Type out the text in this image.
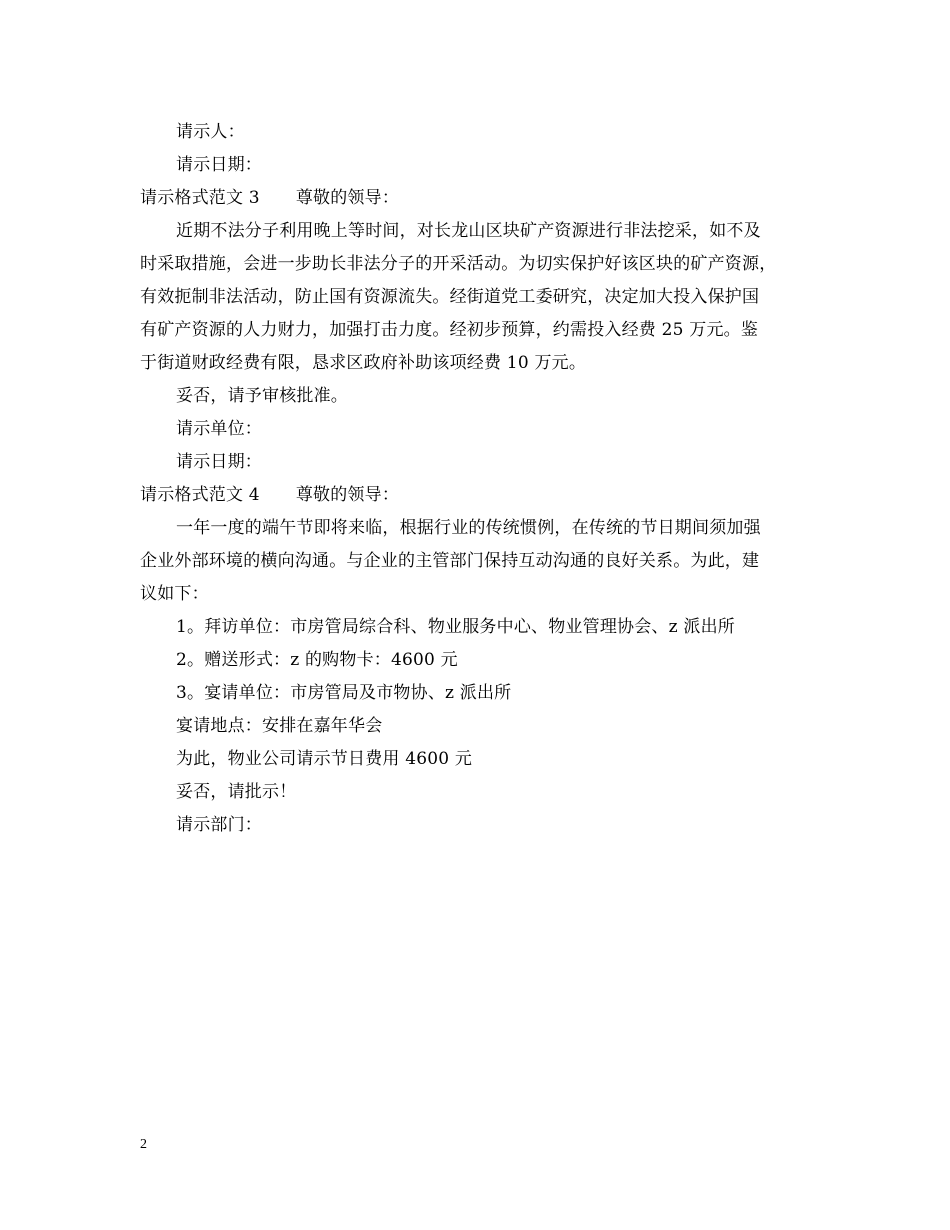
请示人：
请示日期：
请示格式范文 3 尊敬的领导：
近期不法分子利用晚上等时间，对长龙山区块矿产资源进行非法挖采，如不及
时采取措施，会进一步助长非法分子的开采活动。为切实保护好该区块的矿产资源，
有效扼制非法活动，防止国有资源流失。经街道党工委研究，决定加大投入保护国
有矿产资源的人力财力，加强打击力度。经初步预算，约需投入经费 25 万元。鉴
于街道财政经费有限，恳求区政府补助该项经费 10 万元。
妥否，请予审核批准。
请示单位：
请示日期：
请示格式范文 4 尊敬的领导：
一年一度的端午节即将来临，根据行业的传统惯例，在传统的节日期间须加强
企业外部环境的横向沟通。与企业的主管部门保持互动沟通的良好关系。为此，建
议如下：
1。拜访单位：市房管局综合科、物业服务中心、物业管理协会、z 派出所
2。赠送形式：z 的购物卡：4600 元
3。宴请单位：市房管局及市物协、z 派出所
宴请地点：安排在嘉年华会
为此，物业公司请示节日费用 4600 元
妥否，请批示！
请示部门：
2
